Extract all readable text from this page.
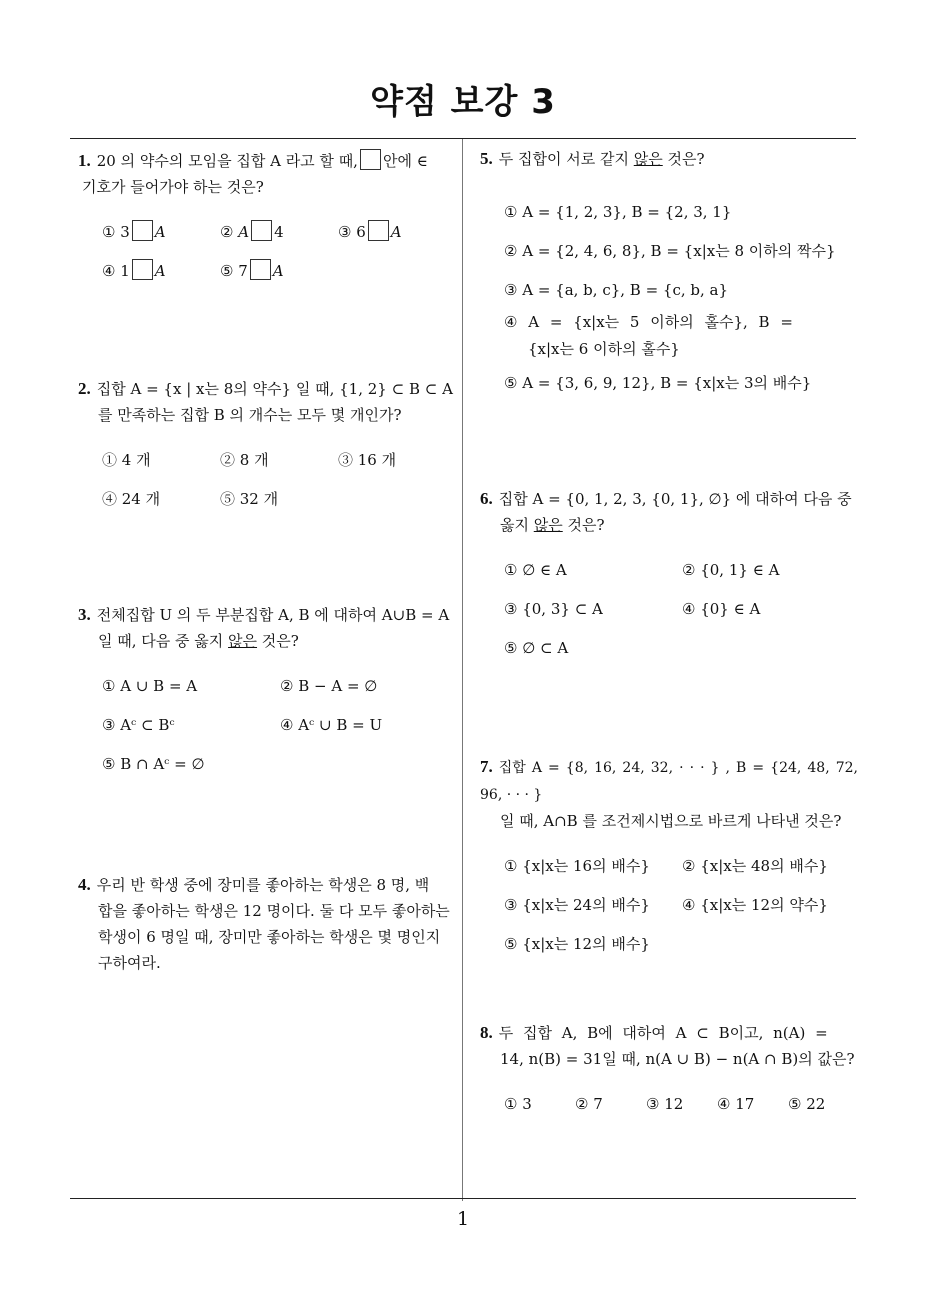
약점 보강 3

1. 20 의 약수의 모임을 집합 A 라고 할 때, 안에 ∈
기호가 들어가야 하는 것은?

① 3 A	② A 4	③ 6 A
④ 1 A	⑤ 7 A

2. 집합 A = {x | x는 8의 약수} 일 때, {1, 2} ⊂ B ⊂ A
를 만족하는 집합 B 의 개수는 모두 몇 개인가?

① 4 개	② 8 개	③ 16 개
④ 24 개	⑤ 32 개

3. 전체집합 U 의 두 부분집합 A, B 에 대하여 A∪B = A
일 때, 다음 중 옳지 않은 것은?

① A ∪ B = A	② B − A = ∅
③ Aᶜ ⊂ Bᶜ	④ Aᶜ ∪ B = U
⑤ B ∩ Aᶜ = ∅

4. 우리 반 학생 중에 장미를 좋아하는 학생은 8 명, 백
합을 좋아하는 학생은 12 명이다. 둘 다 모두 좋아하는
학생이 6 명일 때, 장미만 좋아하는 학생은 몇 명인지
구하여라.

5. 두 집합이 서로 같지 않은 것은?

① A = {1, 2, 3}, B = {2, 3, 1}
② A = {2, 4, 6, 8}, B = {x|x는 8 이하의 짝수}
③ A = {a, b, c}, B = {c, b, a}
④ A = {x|x는 5 이하의 홀수}, B =
{x|x는 6 이하의 홀수}
⑤ A = {3, 6, 9, 12}, B = {x|x는 3의 배수}

6. 집합 A = {0, 1, 2, 3, {0, 1}, ∅} 에 대하여 다음 중
옳지 않은 것은?

① ∅ ∈ A	② {0, 1} ∈ A
③ {0, 3} ⊂ A	④ {0} ∈ A
⑤ ∅ ⊂ A

7. 집합 A = {8, 16, 24, 32, · · · } , B = {24, 48, 72, 96, · · · }
일 때, A∩B 를 조건제시법으로 바르게 나타낸 것은?

① {x|x는 16의 배수}	② {x|x는 48의 배수}
③ {x|x는 24의 배수}	④ {x|x는 12의 약수}
⑤ {x|x는 12의 배수}

8. 두 집합 A, B에 대하여 A ⊂ B이고, n(A) =
14, n(B) = 31일 때, n(A ∪ B) − n(A ∩ B)의 값은?

① 3	② 7	③ 12	④ 17	⑤ 22
1
